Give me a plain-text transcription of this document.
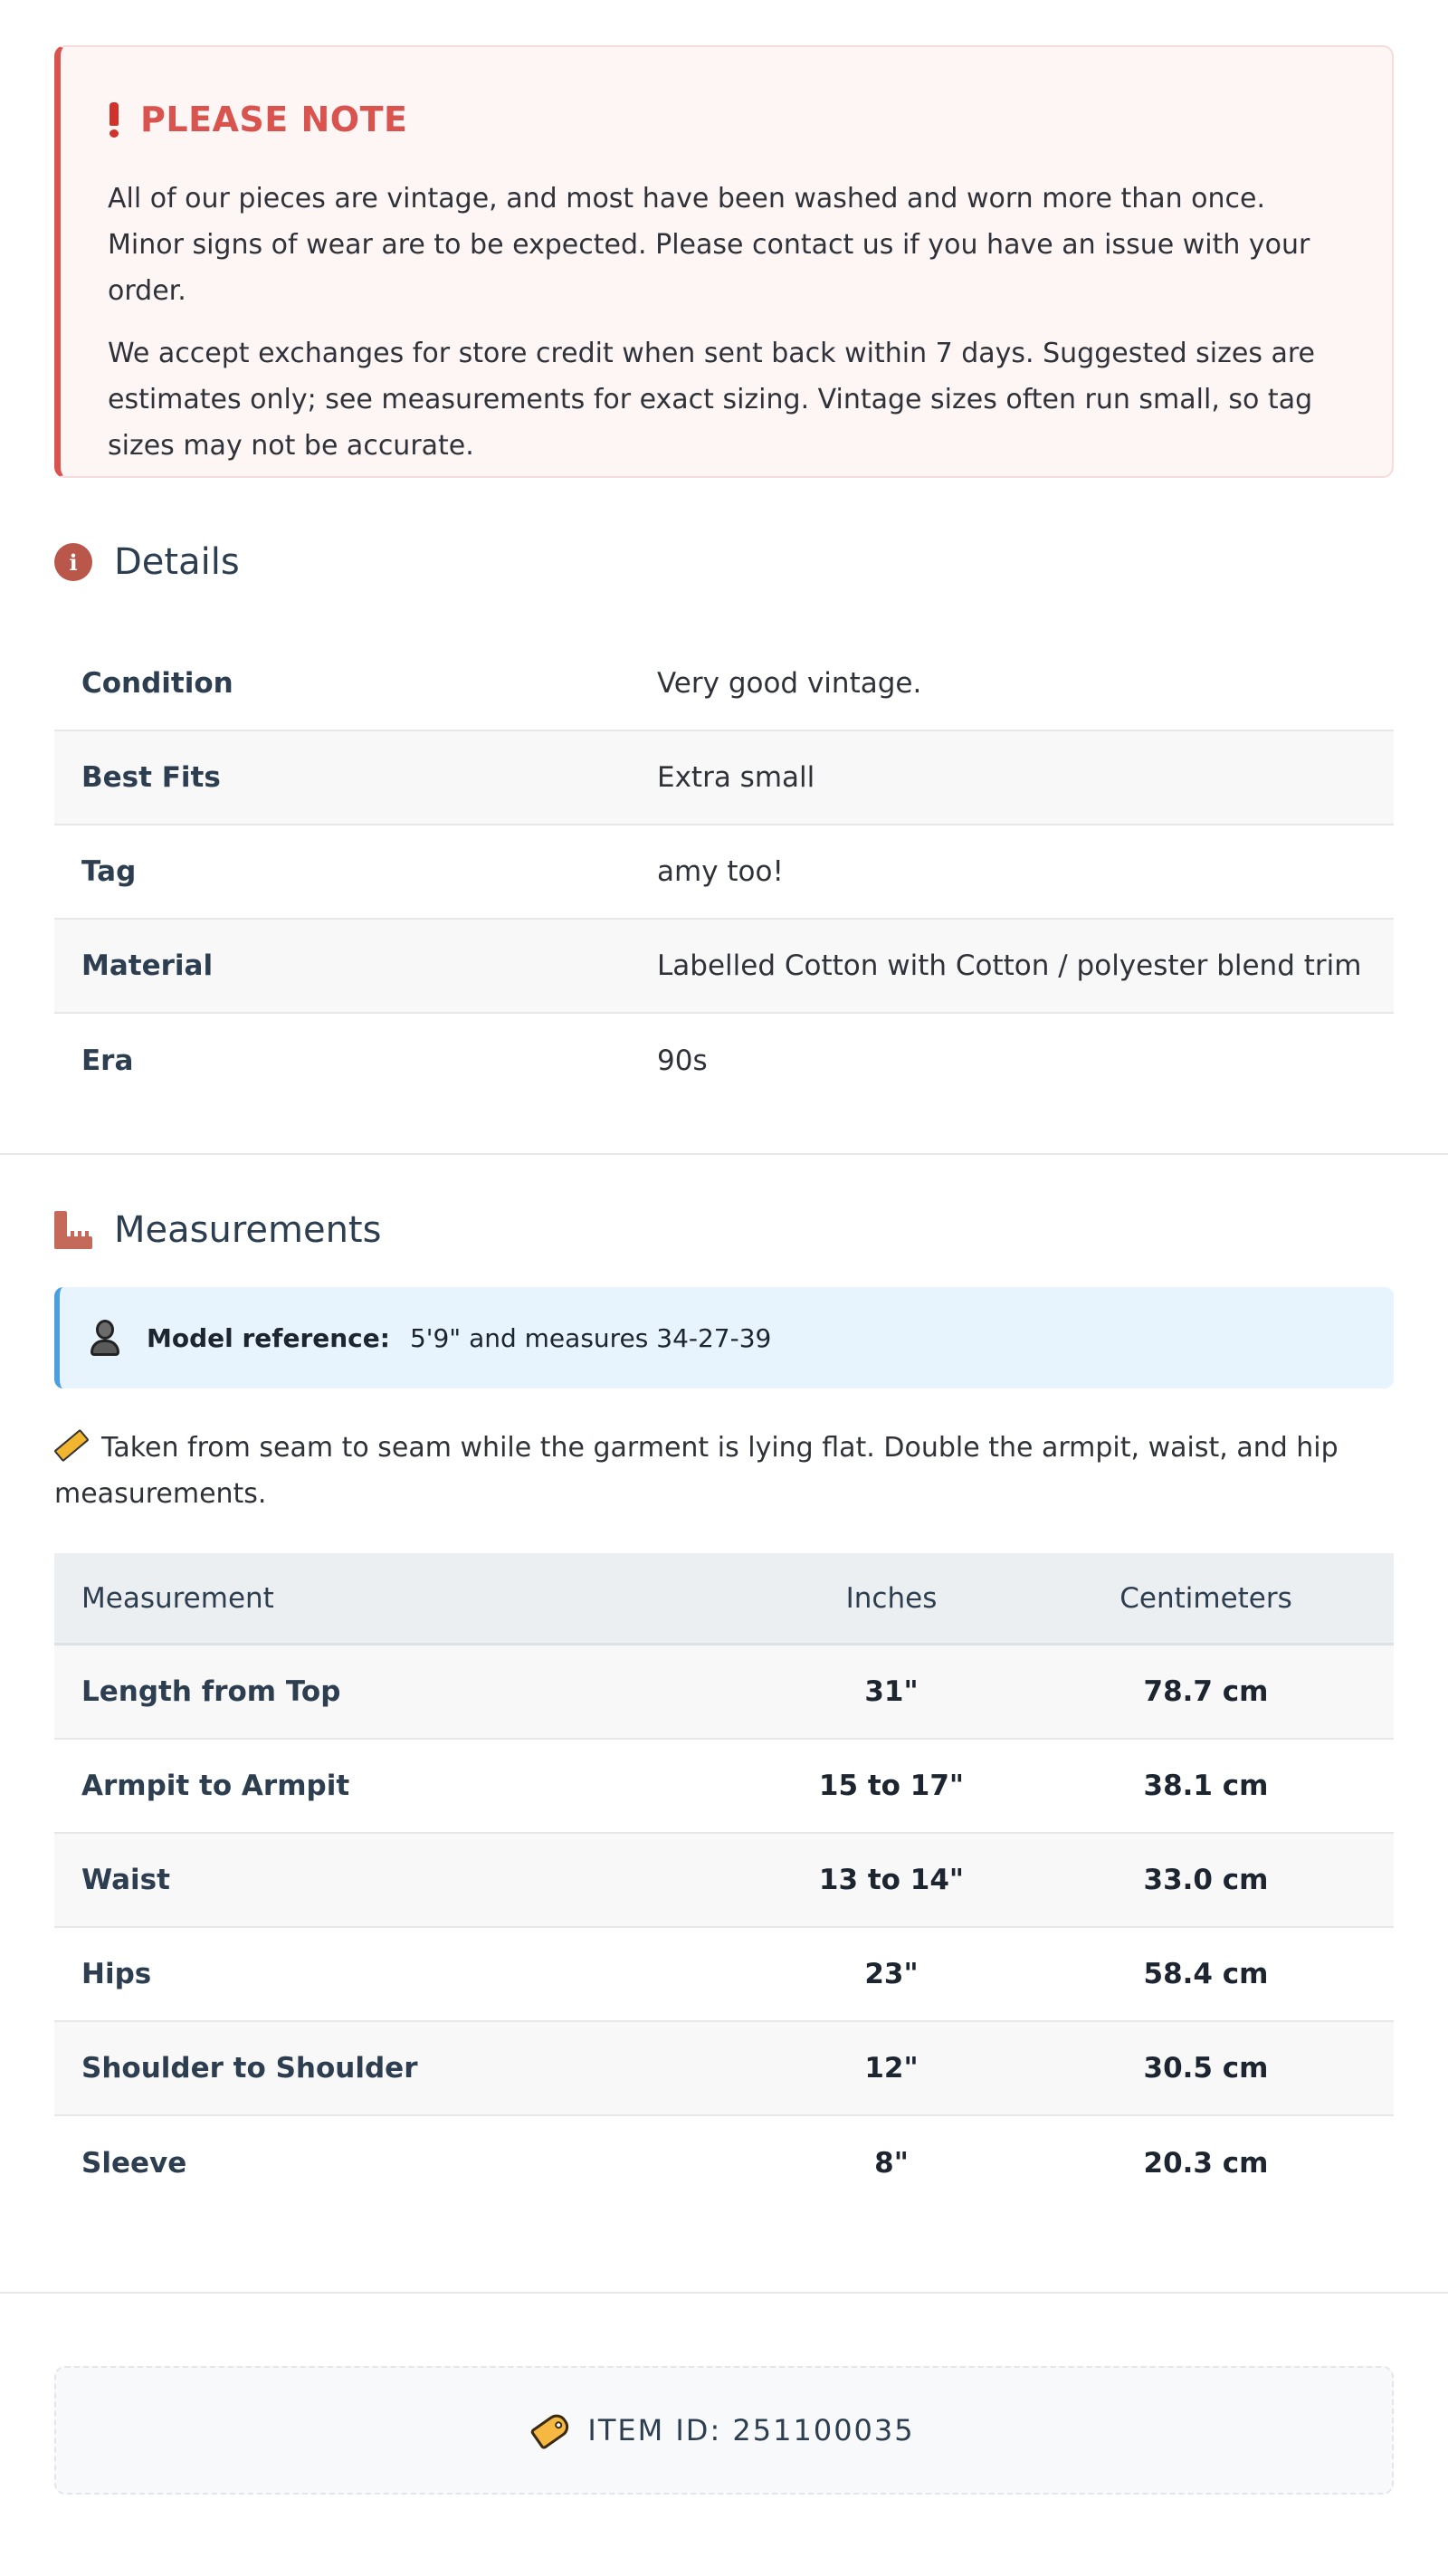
PLEASE NOTE

All of our pieces are vintage, and most have been washed and worn more than once. Minor signs of wear are to be expected. Please contact us if you have an issue with your order.

We accept exchanges for store credit when sent back within 7 days. Suggested sizes are estimates only; see measurements for exact sizing. Vintage sizes often run small, so tag sizes may not be accurate.

i	Details
Condition	Very good vintage.
Best Fits	Extra small
Tag	amy too!
Material	Labelled Cotton with Cotton / polyester blend trim
Era	90s
Measurements
Model reference: 5'9" and measures 34-27-39
Taken from seam to seam while the garment is lying flat. Double the armpit, waist, and hip measurements.
Measurement	Inches	Centimeters
Length from Top	31"	78.7 cm
Armpit to Armpit	15 to 17"	38.1 cm
Waist	13 to 14"	33.0 cm
Hips	23"	58.4 cm
Shoulder to Shoulder	12"	30.5 cm
Sleeve	8"	20.3 cm
ITEM ID: 251100035
